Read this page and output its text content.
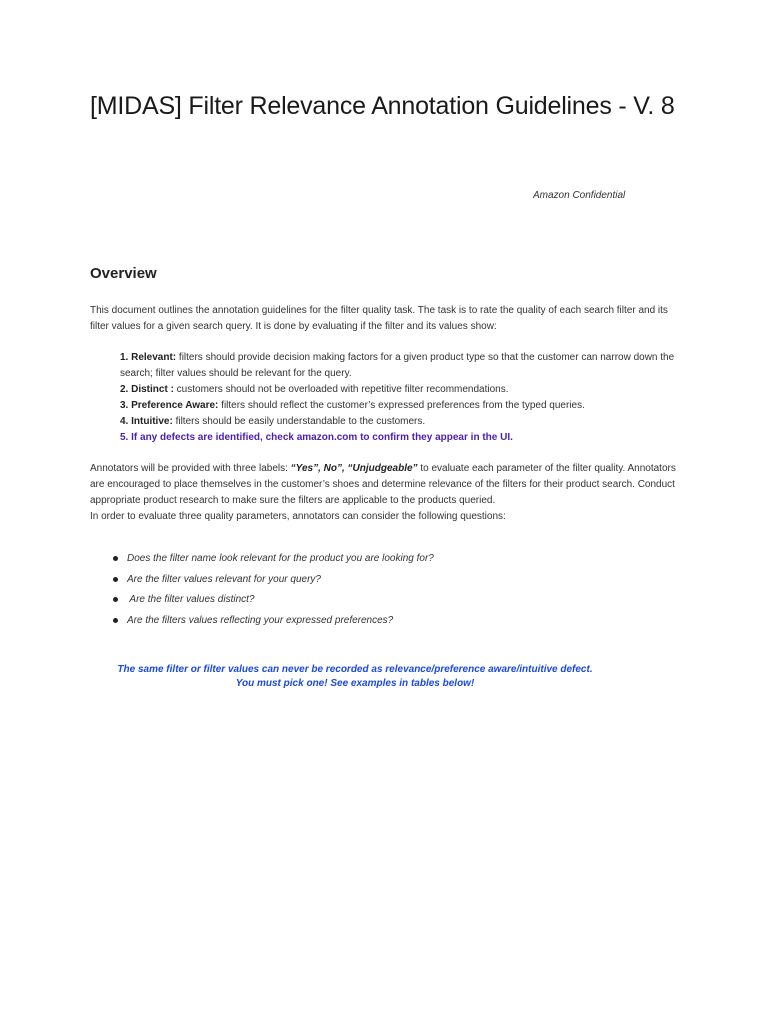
[MIDAS] Filter Relevance Annotation Guidelines - V. 8
Amazon Confidential
Overview

This document outlines the annotation guidelines for the filter quality task. The task is to rate the quality of each search filter and its filter values for a given search query. It is done by evaluating if the filter and its values show:

1. Relevant: filters should provide decision making factors for a given product type so that the customer can narrow down the search; filter values should be relevant for the query.
2. Distinct : customers should not be overloaded with repetitive filter recommendations.
3. Preference Aware: filters should reflect the customer’s expressed preferences from the typed queries.
4. Intuitive: filters should be easily understandable to the customers.
5. If any defects are identified, check amazon.com to confirm they appear in the UI.

Annotators will be provided with three labels: “Yes”, No”, “Unjudgeable” to evaluate each parameter of the filter quality. Annotators are encouraged to place themselves in the customer’s shoes and determine relevance of the filters for their product search. Conduct appropriate product research to make sure the filters are applicable to the products queried.
In order to evaluate three quality parameters, annotators can consider the following questions:

Does the filter name look relevant for the product you are looking for?
Are the filter values relevant for your query?
Are the filter values distinct?
Are the filters values reflecting your expressed preferences?
The same filter or filter values can never be recorded as relevance/preference aware/intuitive defect.
You must pick one! See examples in tables below!
